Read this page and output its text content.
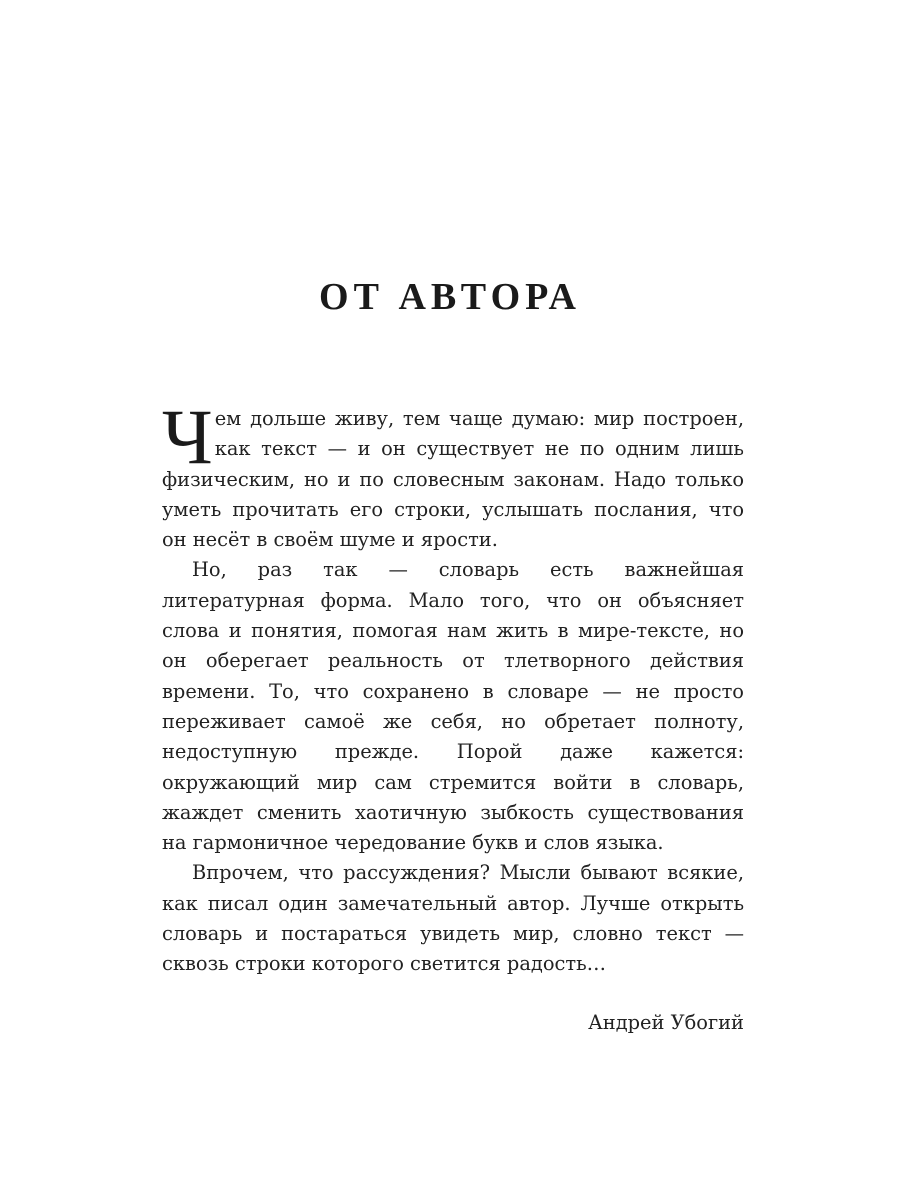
ОТ АВТОРА

Чем дольше живу, тем чаще думаю: мир построен, как текст — и он существует не по одним лишь физическим, но и по словесным законам. Надо только уметь прочитать его строки, услышать послания, что он несёт в своём шуме и ярости.

Но, раз так — словарь есть важнейшая литературная форма. Мало того, что он объясняет слова и понятия, помогая нам жить в мире-тексте, но он оберегает реальность от тлетворного действия времени. То, что сохранено в словаре — не просто переживает самоё же себя, но обретает полноту, недоступную прежде. Порой даже кажется: окружающий мир сам стремится войти в словарь, жаждет сменить хаотичную зыбкость существования на гармоничное чередование букв и слов языка.

Впрочем, что рассуждения? Мысли бывают всякие, как писал один замечательный автор. Лучше открыть словарь и постараться увидеть мир, словно текст — сквозь строки которого светится радость…

Андрей Убогий
